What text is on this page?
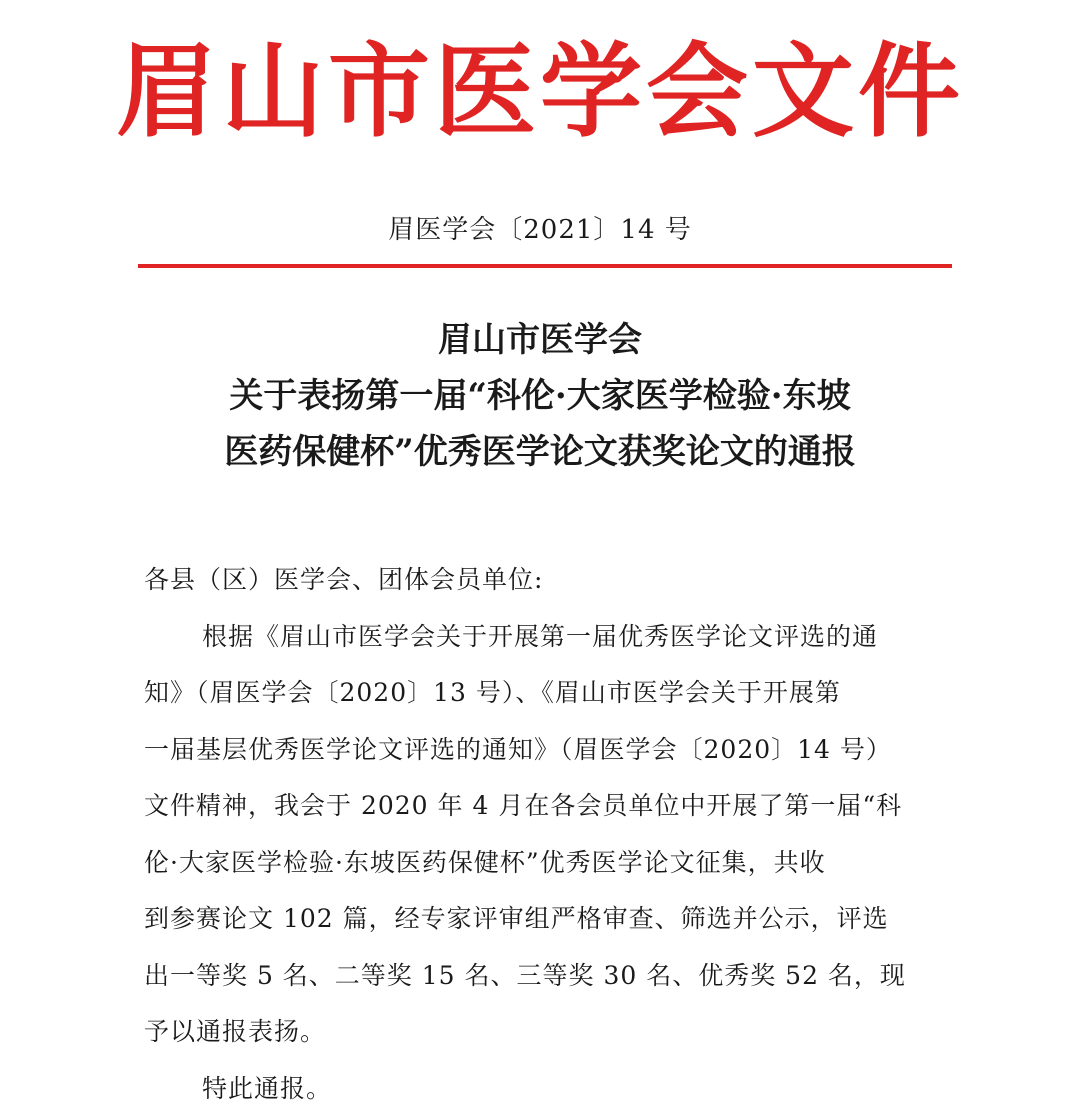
眉山市医学会文件
眉医学会〔2021〕14 号
眉山市医学会
关于表扬第一届“科伦·大家医学检验·东坡
医药保健杯”优秀医学论文获奖论文的通报

各县（区）医学会、团体会员单位:

根据《眉山市医学会关于开展第一届优秀医学论文评选的通

知》（眉医学会〔2020〕13 号）、《眉山市医学会关于开展第

一届基层优秀医学论文评选的通知》（眉医学会〔2020〕14 号）

文件精神，我会于 2020 年 4 月在各会员单位中开展了第一届“科

伦·大家医学检验·东坡医药保健杯”优秀医学论文征集，共收

到参赛论文 102 篇，经专家评审组严格审查、筛选并公示，评选

出一等奖 5 名、二等奖 15 名、三等奖 30 名、优秀奖 52 名，现

予以通报表扬。

特此通报。
